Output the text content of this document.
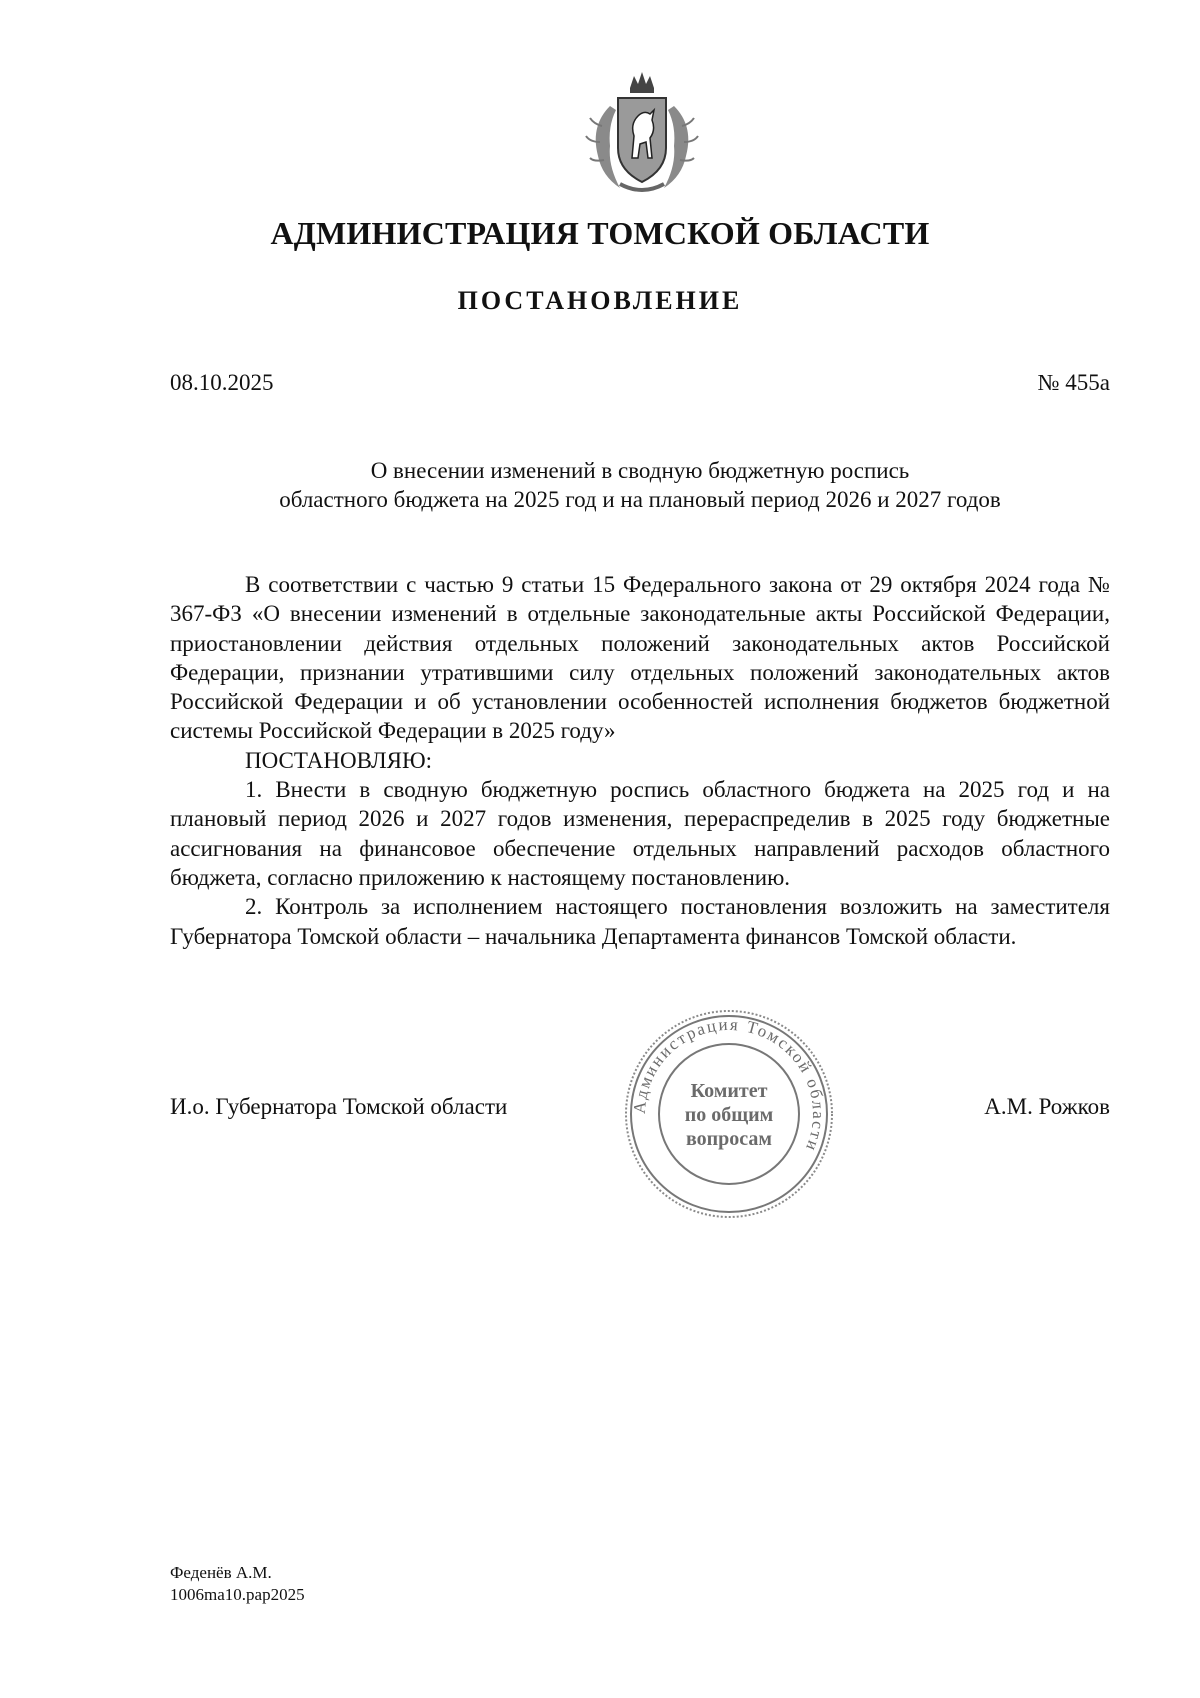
АДМИНИСТРАЦИЯ ТОМСКОЙ ОБЛАСТИ
ПОСТАНОВЛЕНИЕ
08.10.2025	№ 455а
О внесении изменений в сводную бюджетную роспись
областного бюджета на 2025 год и на плановый период 2026 и 2027 годов

В соответствии с частью 9 статьи 15 Федерального закона от 29 октября 2024 года № 367-ФЗ «О внесении изменений в отдельные законодательные акты Российской Федерации, приостановлении действия отдельных положений законодательных актов Российской Федерации, признании утратившими силу отдельных положений законодательных актов Российской Федерации и об установлении особенностей исполнения бюджетов бюджетной системы Российской Федерации в 2025 году»

ПОСТАНОВЛЯЮ:

1. Внести в сводную бюджетную роспись областного бюджета на 2025 год и на плановый период 2026 и 2027 годов изменения, перераспределив в 2025 году бюджетные ассигнования на финансовое обеспечение отдельных направлений расходов областного бюджета, согласно приложению к настоящему постановлению.

2. Контроль за исполнением настоящего постановления возложить на заместителя Губернатора Томской области – начальника Департамента финансов Томской области.

Администрация Томской области
Комитет
по общим
вопросам
И.о. Губернатора Томской области	А.М. Рожков
Феденёв А.М.
1006ma10.pap2025
